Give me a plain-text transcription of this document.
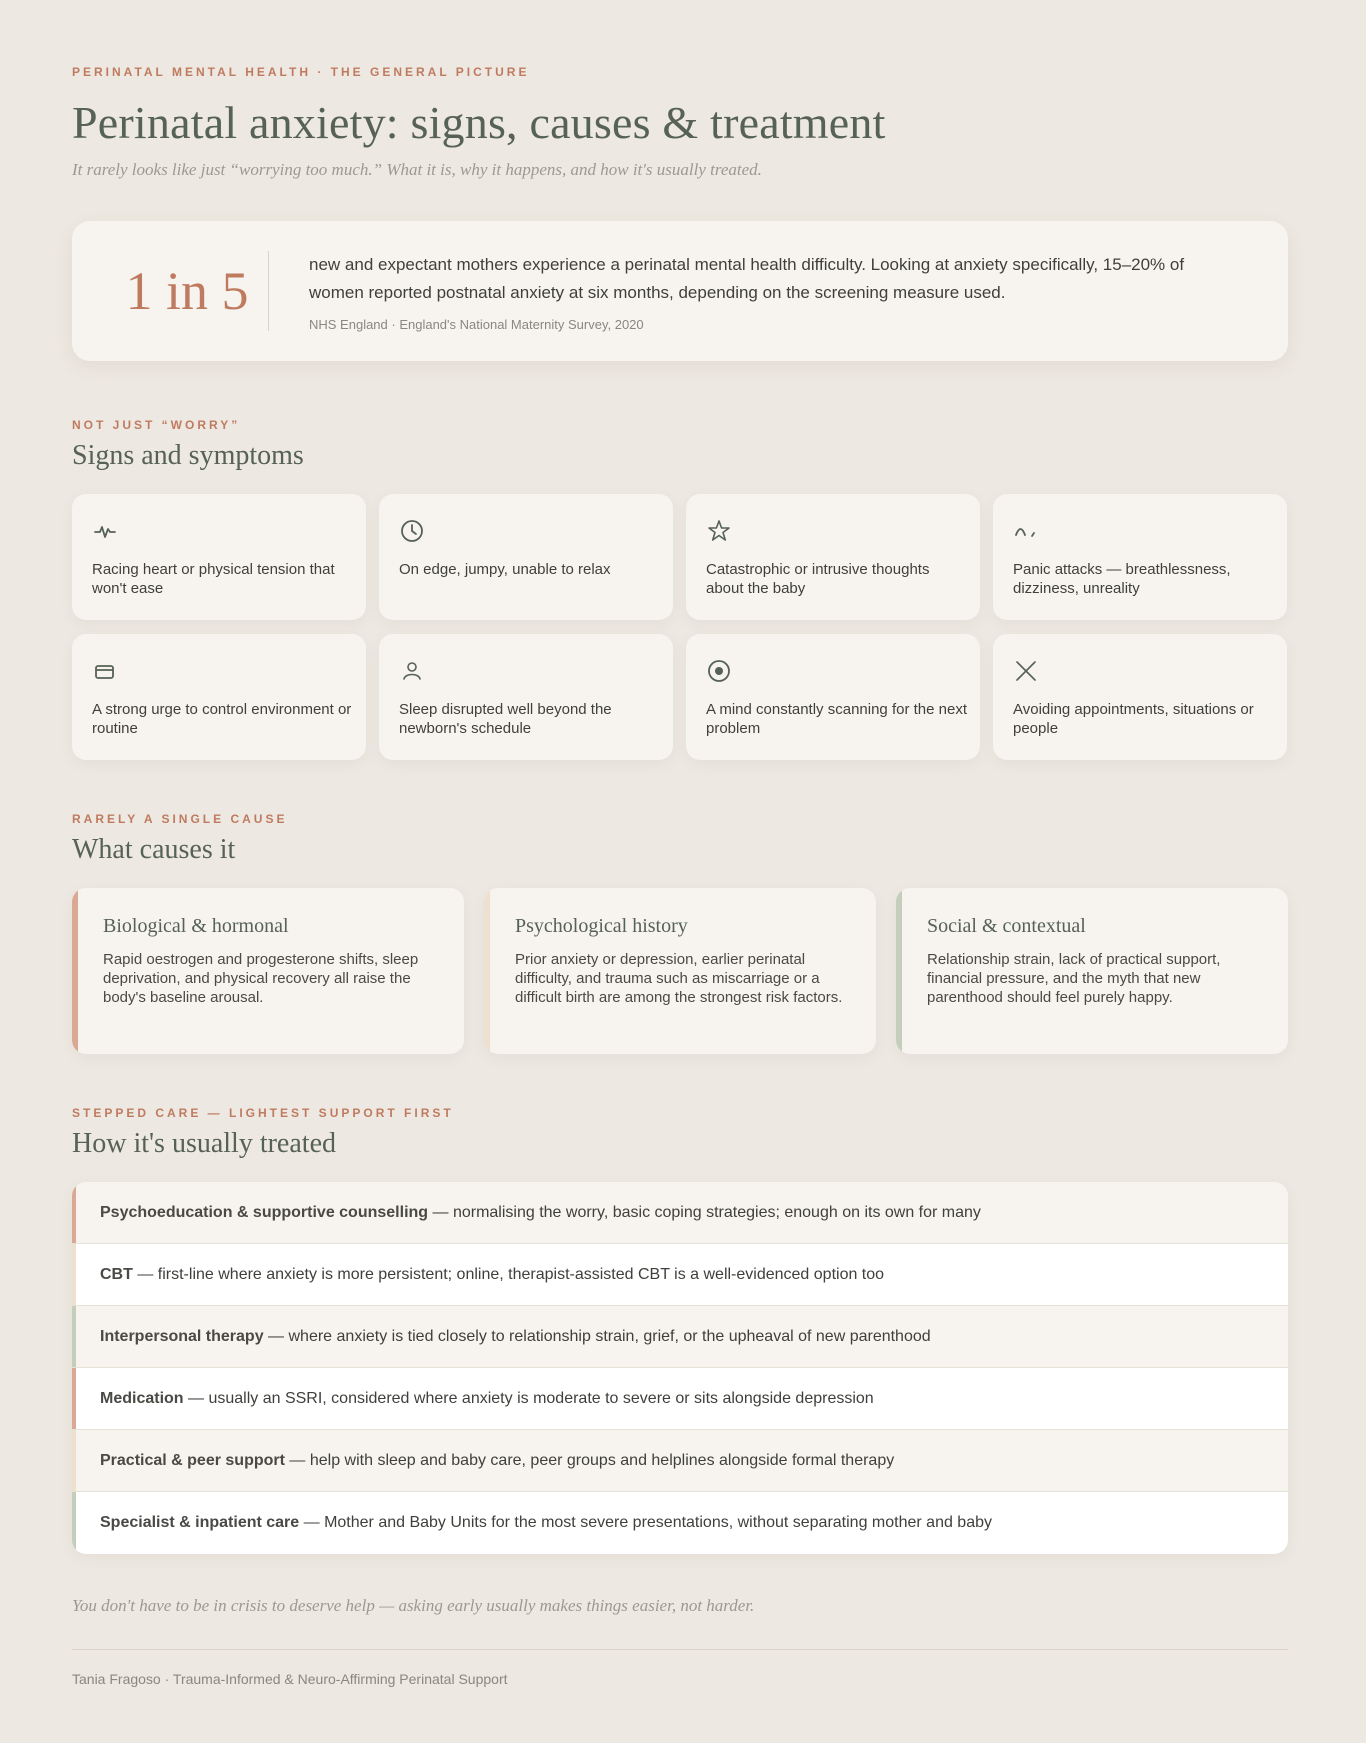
PERINATAL MENTAL HEALTH · THE GENERAL PICTURE
Perinatal anxiety: signs, causes & treatment
It rarely looks like just “worrying too much.” What it is, why it happens, and how it's usually treated.
1 in 5	new and expectant mothers experience a perinatal mental health difficulty. Looking at anxiety specifically, 15–20% of women reported postnatal anxiety at six months, depending on the screening measure used.
NHS England · England's National Maternity Survey, 2020
NOT JUST “WORRY”
Signs and symptoms
Racing heart or physical tension that won't ease
On edge, jumpy, unable to relax	Catastrophic or intrusive thoughts about the baby
Panic attacks — breathlessness, dizziness, unreality
A strong urge to control environment or routine
Sleep disrupted well beyond the newborn's schedule
A mind constantly scanning for the next problem
Avoiding appointments, situations or people
RARELY A SINGLE CAUSE
What causes it
Biological & hormonal
Rapid oestrogen and progesterone shifts, sleep deprivation, and physical recovery all raise the body's baseline arousal.
Psychological history
Prior anxiety or depression, earlier perinatal difficulty, and trauma such as miscarriage or a difficult birth are among the strongest risk factors.
Social & contextual
Relationship strain, lack of practical support, financial pressure, and the myth that new parenthood should feel purely happy.
STEPPED CARE — LIGHTEST SUPPORT FIRST
How it's usually treated
Psychoeducation & supportive counselling — normalising the worry, basic coping strategies; enough on its own for many
CBT — first-line where anxiety is more persistent; online, therapist-assisted CBT is a well-evidenced option too
Interpersonal therapy — where anxiety is tied closely to relationship strain, grief, or the upheaval of new parenthood
Medication — usually an SSRI, considered where anxiety is moderate to severe or sits alongside depression
Practical & peer support — help with sleep and baby care, peer groups and helplines alongside formal therapy
Specialist & inpatient care — Mother and Baby Units for the most severe presentations, without separating mother and baby
You don't have to be in crisis to deserve help — asking early usually makes things easier, not harder.
Tania Fragoso · Trauma-Informed & Neuro-Affirming Perinatal Support
